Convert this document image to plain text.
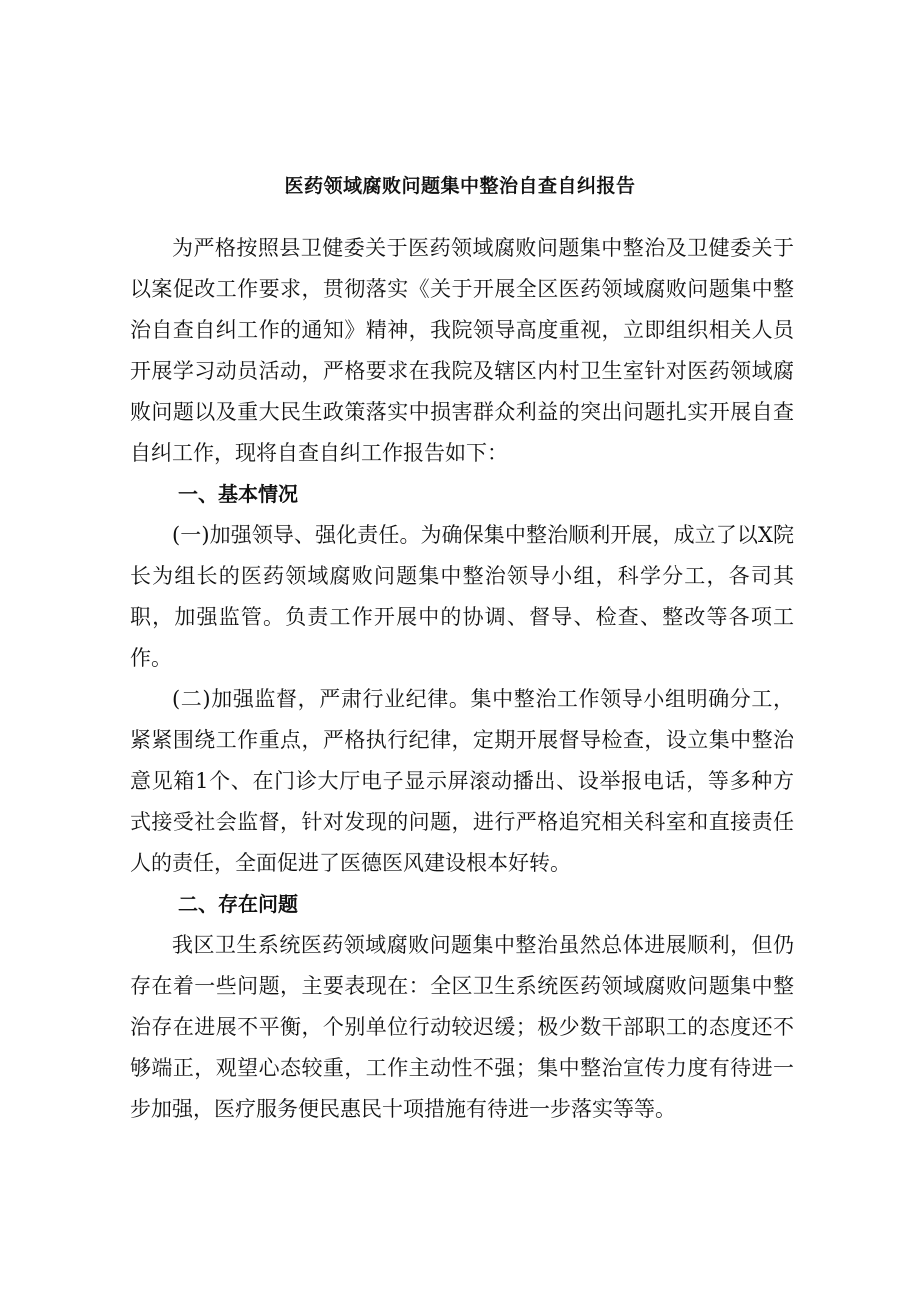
医药领域腐败问题集中整治自查自纠报告

为严格按照县卫健委关于医药领域腐败问题集中整治及卫健委关于以案促改工作要求，贯彻落实《关于开展全区医药领域腐败问题集中整治自查自纠工作的通知》精神，我院领导高度重视，立即组织相关人员开展学习动员活动，严格要求在我院及辖区内村卫生室针对医药领域腐败问题以及重大民生政策落实中损害群众利益的突出问题扎实开展自查自纠工作，现将自查自纠工作报告如下：

一、基本情况

(一)加强领导、强化责任。为确保集中整治顺利开展，成立了以X院长为组长的医药领域腐败问题集中整治领导小组，科学分工，各司其职，加强监管。负责工作开展中的协调、督导、检查、整改等各项工作。

(二)加强监督，严肃行业纪律。集中整治工作领导小组明确分工，紧紧围绕工作重点，严格执行纪律，定期开展督导检查，设立集中整治意见箱1个、在门诊大厅电子显示屏滚动播出、设举报电话，等多种方式接受社会监督，针对发现的问题，进行严格追究相关科室和直接责任人的责任，全面促进了医德医风建设根本好转。

二、存在问题

我区卫生系统医药领域腐败问题集中整治虽然总体进展顺利，但仍存在着一些问题，主要表现在：全区卫生系统医药领域腐败问题集中整治存在进展不平衡，个别单位行动较迟缓；极少数干部职工的态度还不够端正，观望心态较重，工作主动性不强；集中整治宣传力度有待进一步加强，医疗服务便民惠民十项措施有待进一步落实等等。
